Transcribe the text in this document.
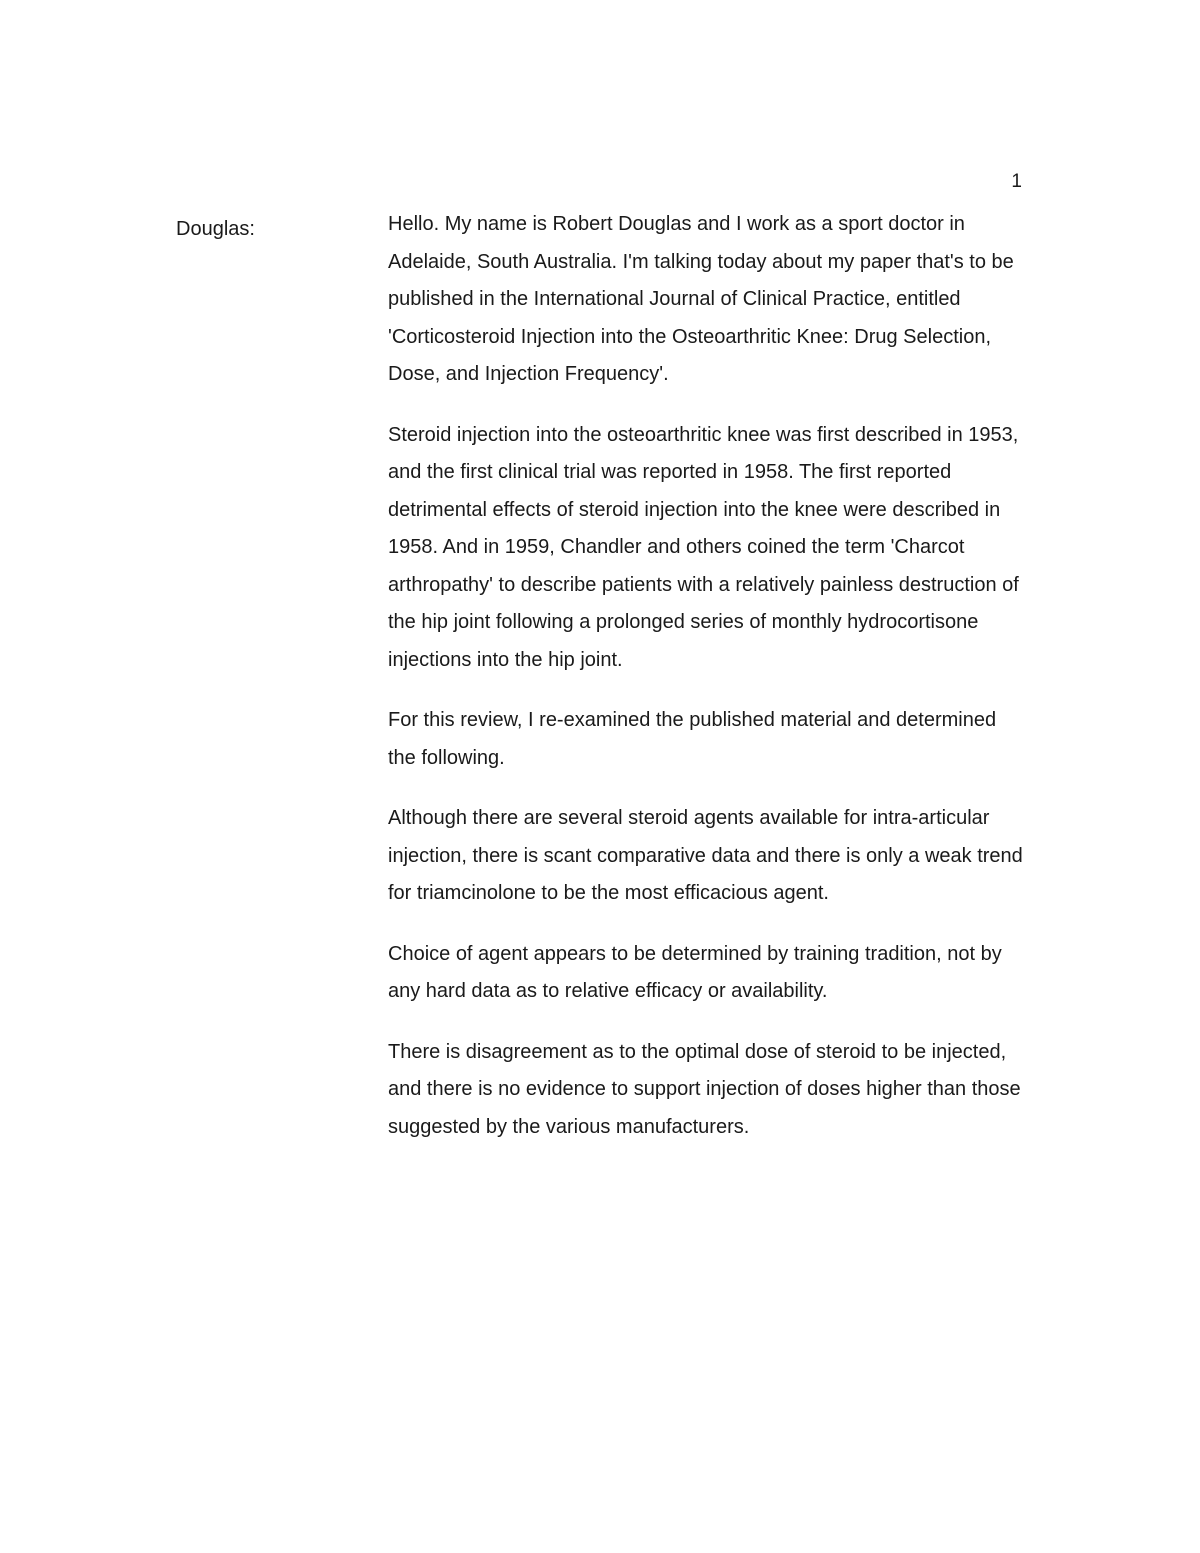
1
Douglas:	Hello. My name is Robert Douglas and I work as a sport doctor in Adelaide, South Australia. I'm talking today about my paper that's to be published in the International Journal of Clinical Practice, entitled 'Corticosteroid Injection into the Osteoarthritic Knee: Drug Selection, Dose, and Injection Frequency'.

Steroid injection into the osteoarthritic knee was first described in 1953, and the first clinical trial was reported in 1958. The first reported detrimental effects of steroid injection into the knee were described in 1958. And in 1959, Chandler and others coined the term 'Charcot arthropathy' to describe patients with a relatively painless destruction of the hip joint following a prolonged series of monthly hydrocortisone injections into the hip joint.

For this review, I re-examined the published material and determined the following.

Although there are several steroid agents available for intra-articular injection, there is scant comparative data and there is only a weak trend for triamcinolone to be the most efficacious agent.

Choice of agent appears to be determined by training tradition, not by any hard data as to relative efficacy or availability.

There is disagreement as to the optimal dose of steroid to be injected, and there is no evidence to support injection of doses higher than those suggested by the various manufacturers.
